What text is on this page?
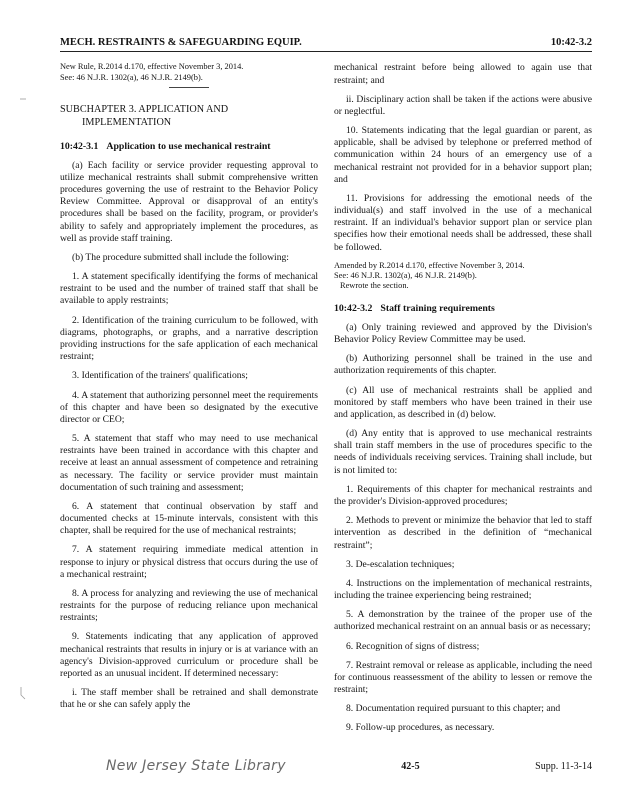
MECH. RESTRAINTS & SAFEGUARDING EQUIP.	10:42-3.2
New Rule, R.2014 d.170, effective November 3, 2014.
See: 46 N.J.R. 1302(a), 46 N.J.R. 2149(b).
SUBCHAPTER 3. APPLICATION AND
IMPLEMENTATION
10:42-3.1 Application to use mechanical restraint

(a) Each facility or service provider requesting approval to utilize mechanical restraints shall submit comprehensive written procedures governing the use of restraint to the Behavior Policy Review Committee. Approval or disapproval of an entity's procedures shall be based on the facility, program, or provider's ability to safely and appropriately implement the procedures, as well as provide staff training.

(b) The procedure submitted shall include the following:

1. A statement specifically identifying the forms of mechanical restraint to be used and the number of trained staff that shall be available to apply restraints;

2. Identification of the training curriculum to be followed, with diagrams, photographs, or graphs, and a narrative description providing instructions for the safe application of each mechanical restraint;

3. Identification of the trainers' qualifications;

4. A statement that authorizing personnel meet the requirements of this chapter and have been so designated by the executive director or CEO;

5. A statement that staff who may need to use mechanical restraints have been trained in accordance with this chapter and receive at least an annual assessment of competence and retraining as necessary. The facility or service provider must maintain documentation of such training and assessment;

6. A statement that continual observation by staff and documented checks at 15-minute intervals, consistent with this chapter, shall be required for the use of mechanical restraints;

7. A statement requiring immediate medical attention in response to injury or physical distress that occurs during the use of a mechanical restraint;

8. A process for analyzing and reviewing the use of mechanical restraints for the purpose of reducing reliance upon mechanical restraints;

9. Statements indicating that any application of approved mechanical restraints that results in injury or is at variance with an agency's Division-approved curriculum or procedure shall be reported as an unusual incident. If determined necessary:

i. The staff member shall be retrained and shall demonstrate that he or she can safely apply the

mechanical restraint before being allowed to again use that restraint; and

ii. Disciplinary action shall be taken if the actions were abusive or neglectful.

10. Statements indicating that the legal guardian or parent, as applicable, shall be advised by telephone or preferred method of communication within 24 hours of an emergency use of a mechanical restraint not provided for in a behavior support plan; and

11. Provisions for addressing the emotional needs of the individual(s) and staff involved in the use of a mechanical restraint. If an individual's behavior support plan or service plan specifies how their emotional needs shall be addressed, these shall be followed.

Amended by R.2014 d.170, effective November 3, 2014.
See: 46 N.J.R. 1302(a), 46 N.J.R. 2149(b).
Rewrote the section.
10:42-3.2 Staff training requirements

(a) Only training reviewed and approved by the Division's Behavior Policy Review Committee may be used.

(b) Authorizing personnel shall be trained in the use and authorization requirements of this chapter.

(c) All use of mechanical restraints shall be applied and monitored by staff members who have been trained in their use and application, as described in (d) below.

(d) Any entity that is approved to use mechanical restraints shall train staff members in the use of procedures specific to the needs of individuals receiving services. Training shall include, but is not limited to:

1. Requirements of this chapter for mechanical restraints and the provider's Division-approved procedures;

2. Methods to prevent or minimize the behavior that led to staff intervention as described in the definition of “mechanical restraint”;

3. De-escalation techniques;

4. Instructions on the implementation of mechanical restraints, including the trainee experiencing being restrained;

5. A demonstration by the trainee of the proper use of the authorized mechanical restraint on an annual basis or as necessary;

6. Recognition of signs of distress;

7. Restraint removal or release as applicable, including the need for continuous reassessment of the ability to lessen or remove the restraint;

8. Documentation required pursuant to this chapter; and

9. Follow-up procedures, as necessary.

New Jersey State Library	42-5	Supp. 11-3-14
